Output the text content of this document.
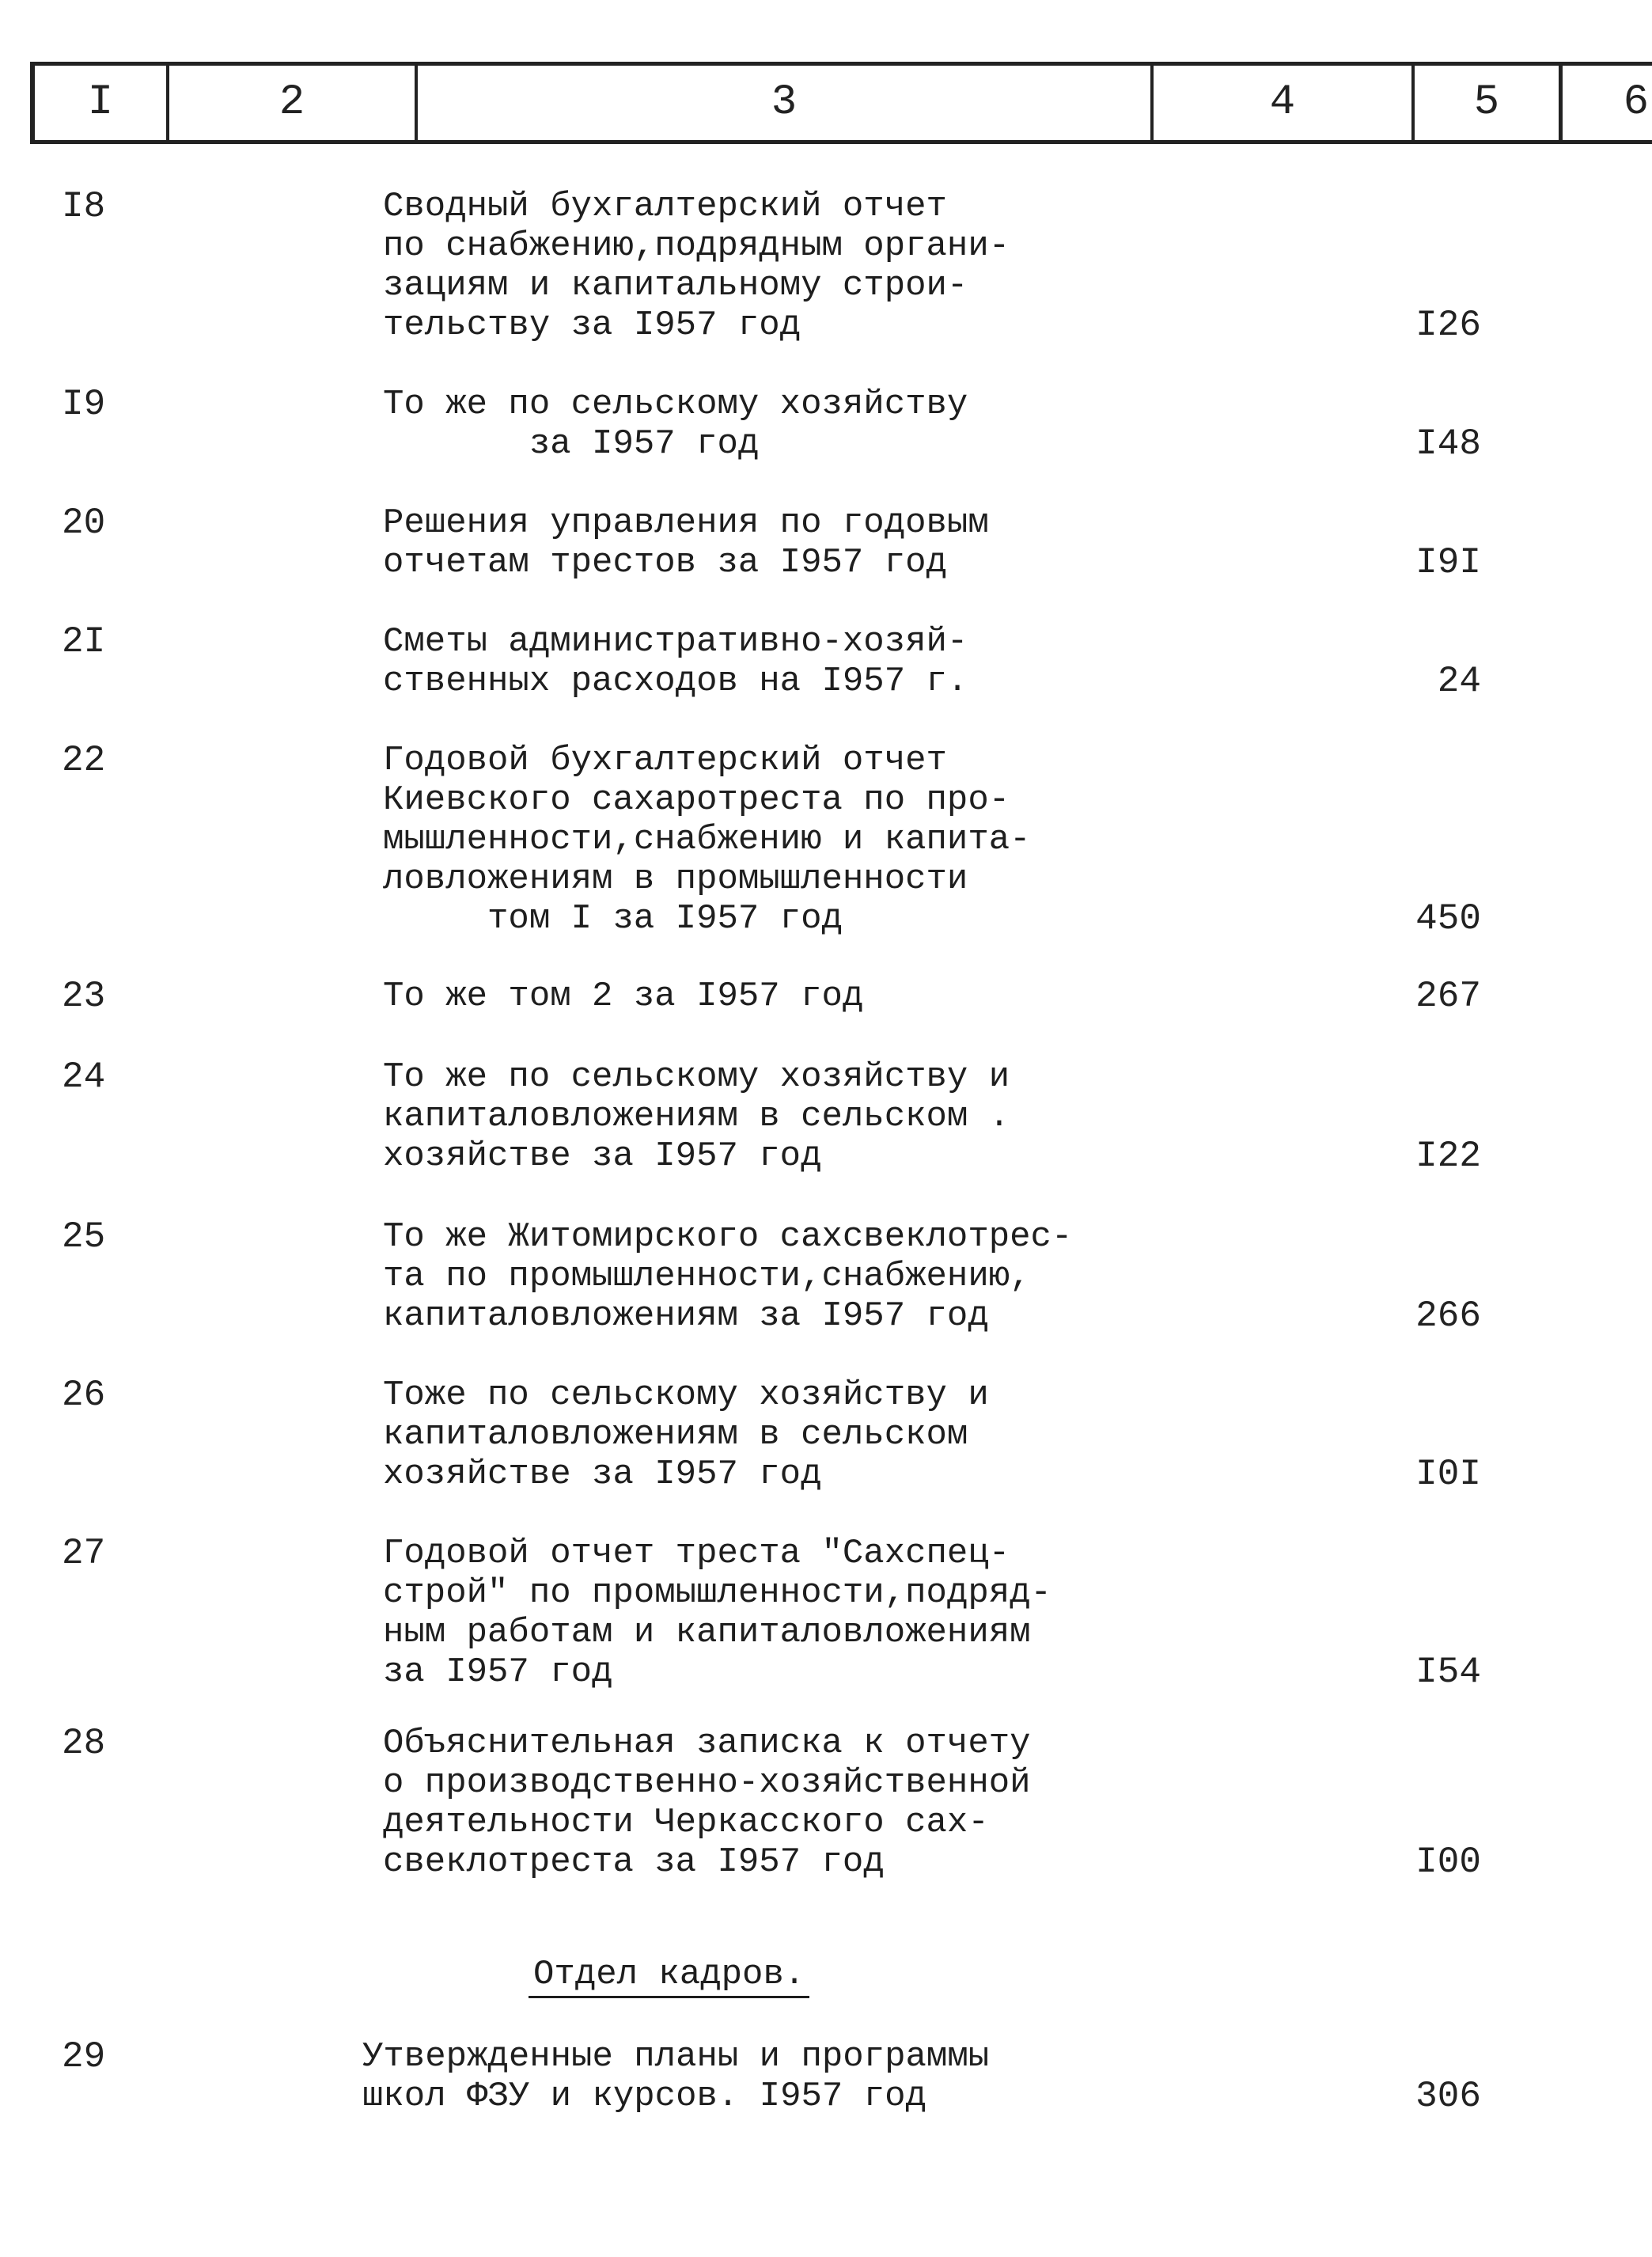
I	2	3	4	5	6
I8	Сводный бухгалтерский отчет
по снабжению,подрядным органи-
зациям и капитальному строи-
тельству за I957 год	I26
I9	То же по сельскому хозяйству
за I957 год	I48
20	Решения управления по годовым
отчетам трестов за I957 год	I9I
2I	Сметы административно-хозяй-
ственных расходов на I957 г.	24
22	Годовой бухгалтерский отчет
Киевского сахаротреста по про-
мышленности,снабжению и капита-
ловложениям в промышленности
том I за I957 год	450
23	То же том 2 за I957 год	267
24	То же по сельскому хозяйству и
капиталовложениям в сельском .
хозяйстве за I957 год	I22
25	То же Житомирского сахсвеклотрес-
та по промышленности,снабжению,
капиталовложениям за I957 год	266
26	Тоже по сельскому хозяйству и
капиталовложениям в сельском
хозяйстве за I957 год	I0I
27	Годовой отчет треста "Сахспец-
строй" по промышленности,подряд-
ным работам и капиталовложениям
за I957 год	I54
28	Объяснительная записка к отчету
о производственно-хозяйственной
деятельности Черкасского сах-
свеклотреста за I957 год	I00
Отдел кадров.
29	Утвержденные планы и программы
школ ФЗУ и курсов. I957 год	306
